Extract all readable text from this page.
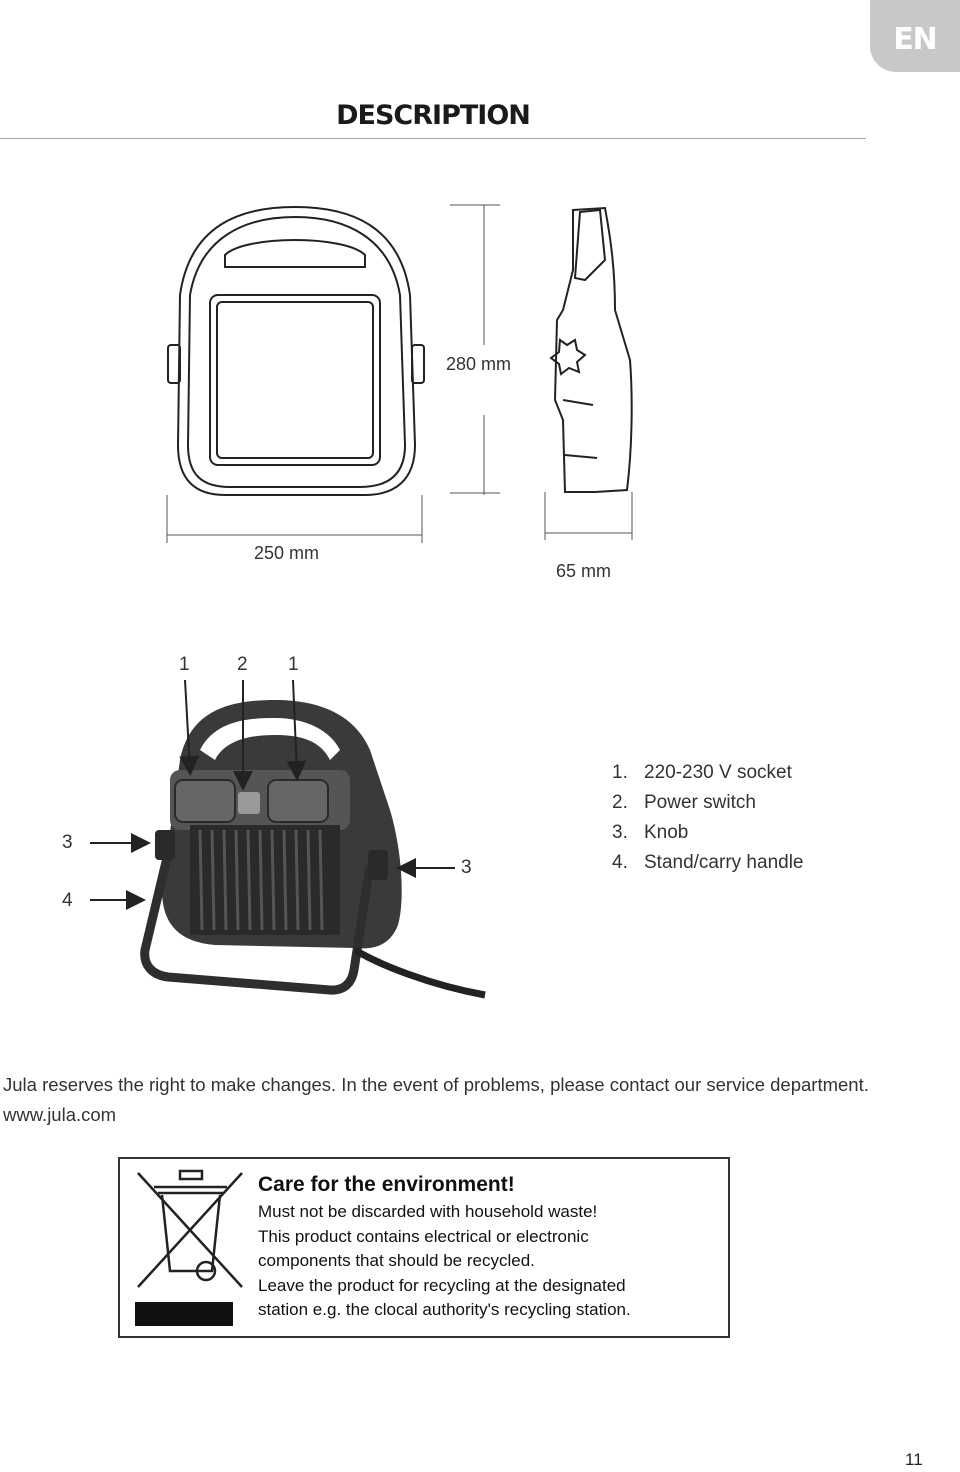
EN
DESCRIPTION
280 mm
250 mm
65 mm
1 2 1
3
4
3
1. 220-230 V socket
2. Power switch
3. Knob
4. Stand/carry handle
Jula reserves the right to make changes. In the event of problems, please contact our service department.
www.jula.com
Care for the environment!
Must not be discarded with household waste!
This product contains electrical or electronic
components that should be recycled.
Leave the product for recycling at the designated
station e.g. the clocal authority's recycling station.
11
